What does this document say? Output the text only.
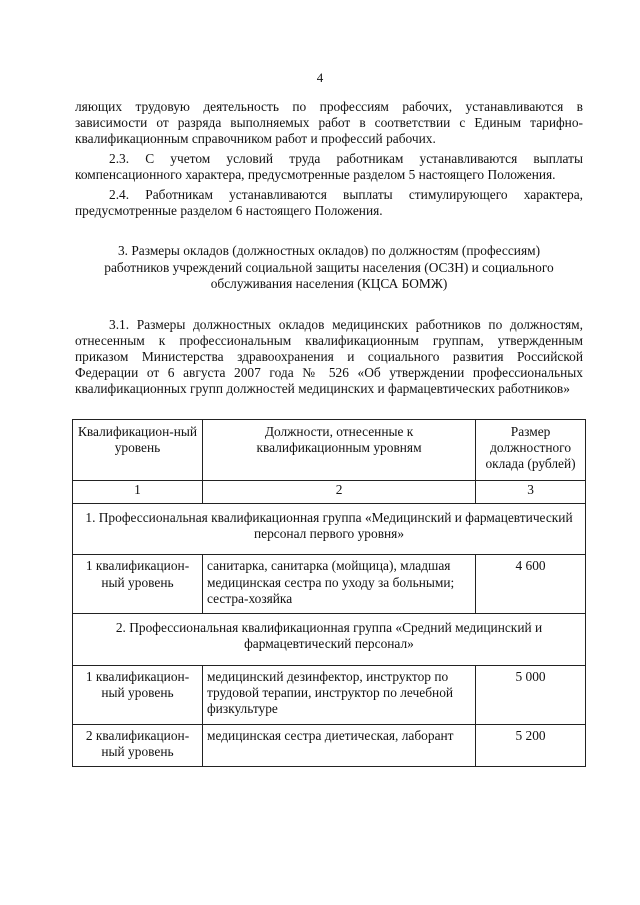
4

ляющих трудовую деятельность по профессиям рабочих, устанавливаются в зависимости от разряда выполняемых работ в соответствии с Единым тарифно-квалификационным справочником работ и профессий рабочих.

2.3. С учетом условий труда работникам устанавливаются выплаты компенсационного характера, предусмотренные разделом 5 настоящего Положения.

2.4. Работникам устанавливаются выплаты стимулирующего характера, предусмотренные разделом 6 настоящего Положения.

3. Размеры окладов (должностных окладов) по должностям (профессиям)
работников учреждений социальной защиты населения (ОСЗН) и социального
обслуживания населения (КЦСА БОМЖ)

3.1. Размеры должностных окладов медицинских работников по должностям, отнесенным к профессиональным квалификационным группам, утвержденным приказом Министерства здравоохранения и социального развития Российской Федерации от 6 августа 2007 года № 526 «Об утверждении профессиональных квалификационных групп должностей медицинских и фармацевтических работников»

Квалификацион-ный уровень	Должности, отнесенные к квалификационным уровням	Размер должностного оклада (рублей)
1	2	3
1. Профессиональная квалификационная группа «Медицинский и фармацевтический персонал первого уровня»		
1 квалификацион-ный уровень	санитарка, санитарка (мойщица), младшая медицинская сестра по уходу за больными; сестра-хозяйка	4 600
2. Профессиональная квалификационная группа «Средний медицинский и фармацевтический персонал»		
1 квалификацион-ный уровень	медицинский дезинфектор, инструктор по трудовой терапии, инструктор по лечебной физкультуре	5 000
2 квалификацион-ный уровень	медицинская сестра диетическая, лаборант	5 200
